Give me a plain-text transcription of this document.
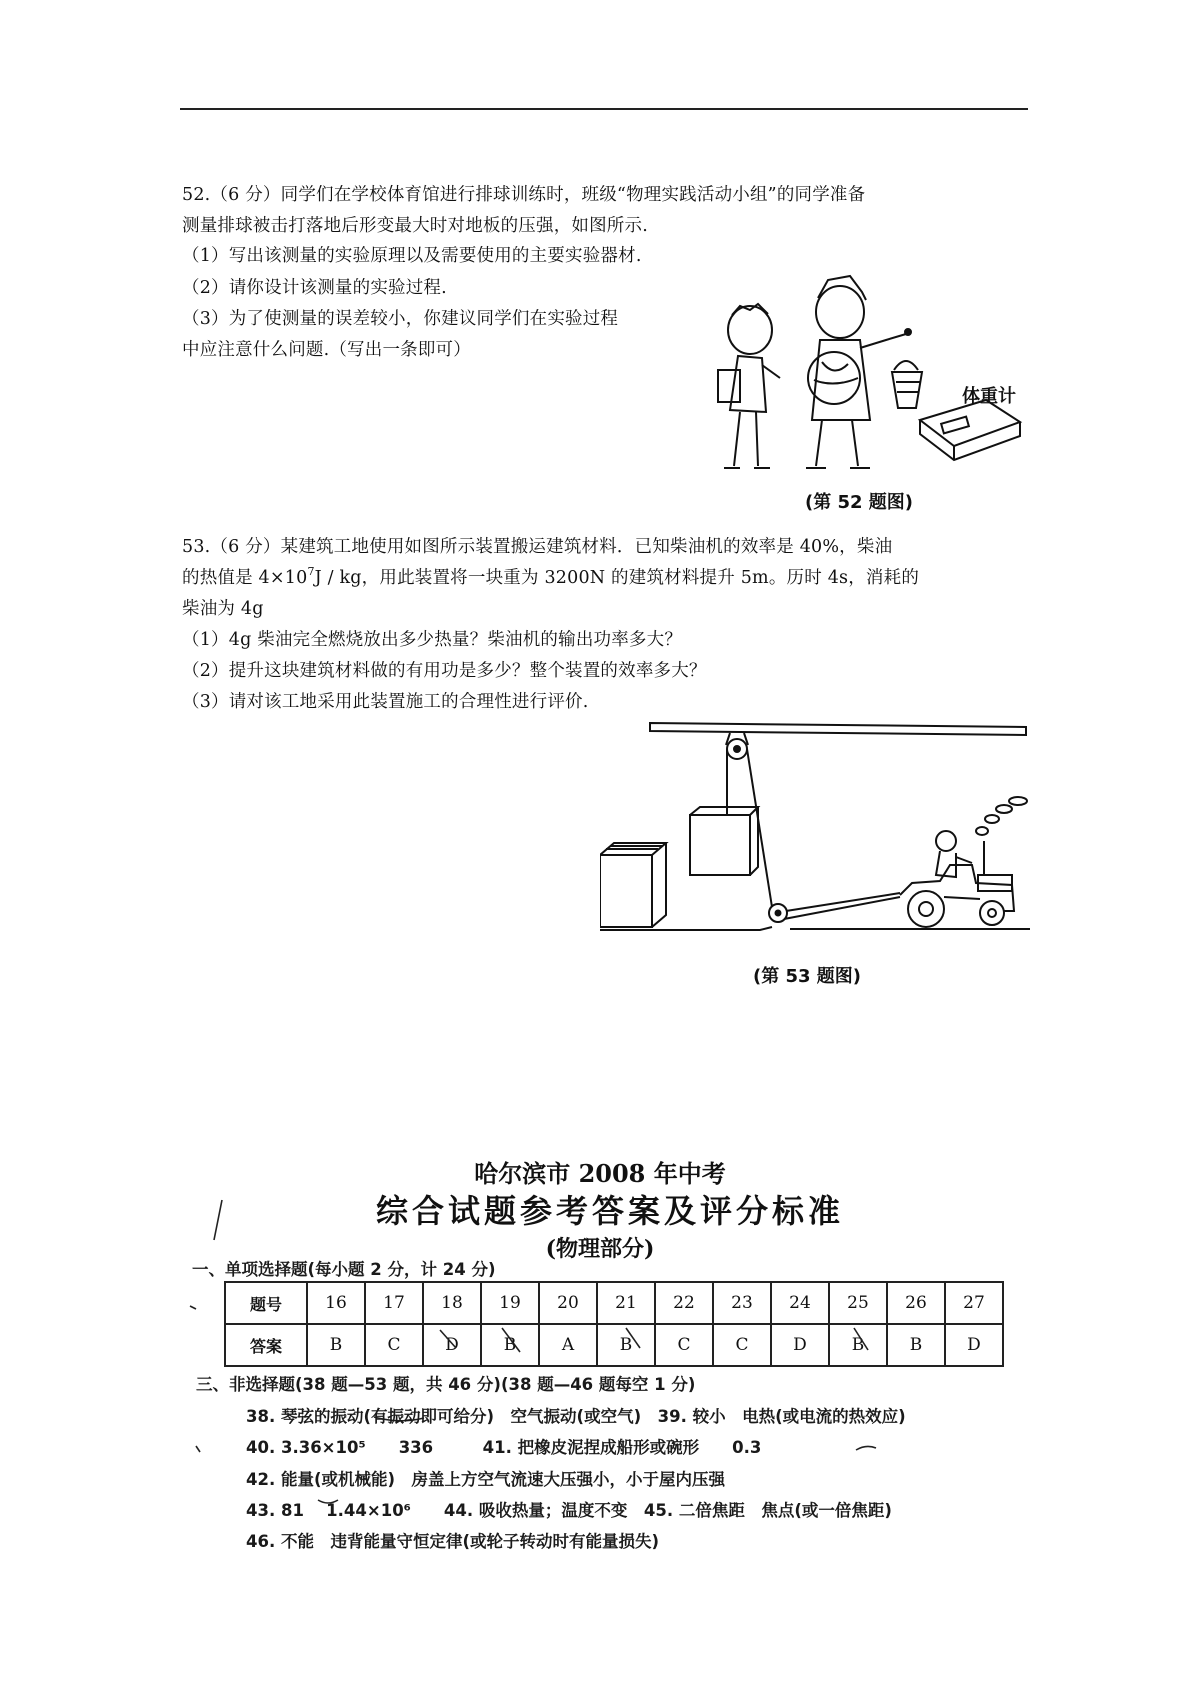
52.（6 分）同学们在学校体育馆进行排球训练时，班级“物理实践活动小组”的同学准备
测量排球被击打落地后形变最大时对地板的压强，如图所示.
（1）写出该测量的实验原理以及需要使用的主要实验器材.
（2）请你设计该测量的实验过程.
（3）为了使测量的误差较小，你建议同学们在实验过程
中应注意什么问题.（写出一条即可）
体重计
(第 52 题图)
53.（6 分）某建筑工地使用如图所示装置搬运建筑材料．已知柴油机的效率是 40%，柴油
的热值是 $4\times 10^7J$ / kg，用此装置将一块重为 3200N 的建筑材料提升 5m。历时 4s，消耗的
柴油为 4g
（1）4g 柴油完全燃烧放出多少热量？柴油机的输出功率多大？
（2）提升这块建筑材料做的有用功是多少？整个装置的效率多大？
（3）请对该工地采用此装置施工的合理性进行评价.
(第 53 题图)
哈尔滨市 2008 年中考
综合试题参考答案及评分标准
(物理部分)
一、单项选择题(每小题 2 分，计 24 分)
题号	16	17	18	19	20	21	22	23	24	25	26	27
答案	B	C	D	B	A	B	C	C	D	B	B	D
三、非选择题(38 题—53 题，共 46 分)(38 题—46 题每空 1 分)
38. 琴弦的振动(有振动即可给分)　空气振动(或空气)　39. 较小　电热(或电流的热效应)
40. 3.36×10⁵　　336　　　41. 把橡皮泥捏成船形或碗形　　0.3
42. 能量(或机械能)　房盖上方空气流速大压强小，小于屋内压强
43. 81　 1.44×10⁶　　44. 吸收热量；温度不变　45. 二倍焦距　焦点(或一倍焦距)
46. 不能　违背能量守恒定律(或轮子转动时有能量损失)
